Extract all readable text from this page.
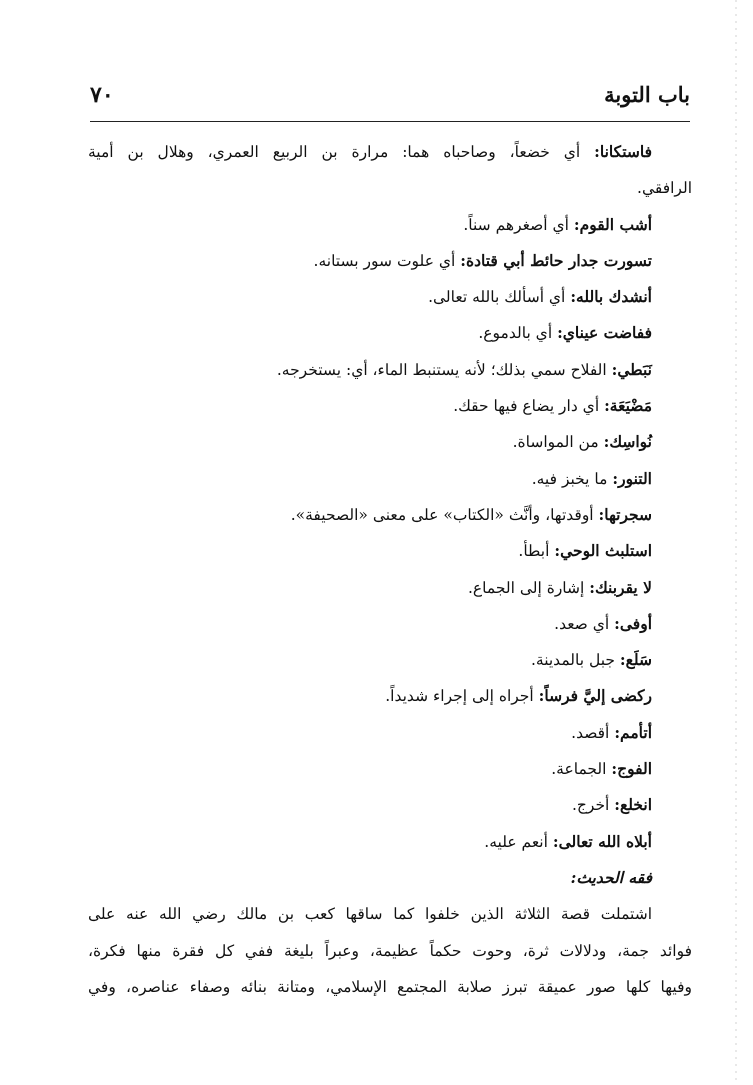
٧٠	باب التوبة
فاستكانا: أي خضعاً، وصاحباه هما: مرارة بن الربيع العمري، وهلال بن أمية
الرافقي.
أشب القوم: أي أصغرهم سناً.
تسورت جدار حائط أبي قتادة: أي علوت سور بستانه.
أنشدك بالله: أي أسألك بالله تعالى.
ففاضت عيناي: أي بالدموع.
نَبَطي: الفلاح سمي بذلك؛ لأنه يستنبط الماء، أي: يستخرجه.
مَضْيَعَة: أي دار يضاع فيها حقك.
نُواسِك: من المواساة.
التنور: ما يخبز فيه.
سجرتها: أوقدتها، وأنَّث «الكتاب» على معنى «الصحيفة».
استلبث الوحي: أبطأ.
لا يقربنك: إشارة إلى الجماع.
أوفى: أي صعد.
سَلَع: جبل بالمدينة.
ركضى إليَّ فرساً: أجراه إلى إجراء شديداً.
أتأمم: أقصد.
الفوج: الجماعة.
انخلع: أخرج.
أبلاه الله تعالى: أنعم عليه.
فقه الحديث:
اشتملت قصة الثلاثة الذين خلفوا كما ساقها كعب بن مالك رضي الله عنه على
فوائد جمة، ودلالات ثرة، وحوت حكماً عظيمة، وعبراً بليغة ففي كل فقرة منها فكرة،
وفيها كلها صور عميقة تبرز صلابة المجتمع الإسلامي، ومتانة بنائه وصفاء عناصره، وفي
